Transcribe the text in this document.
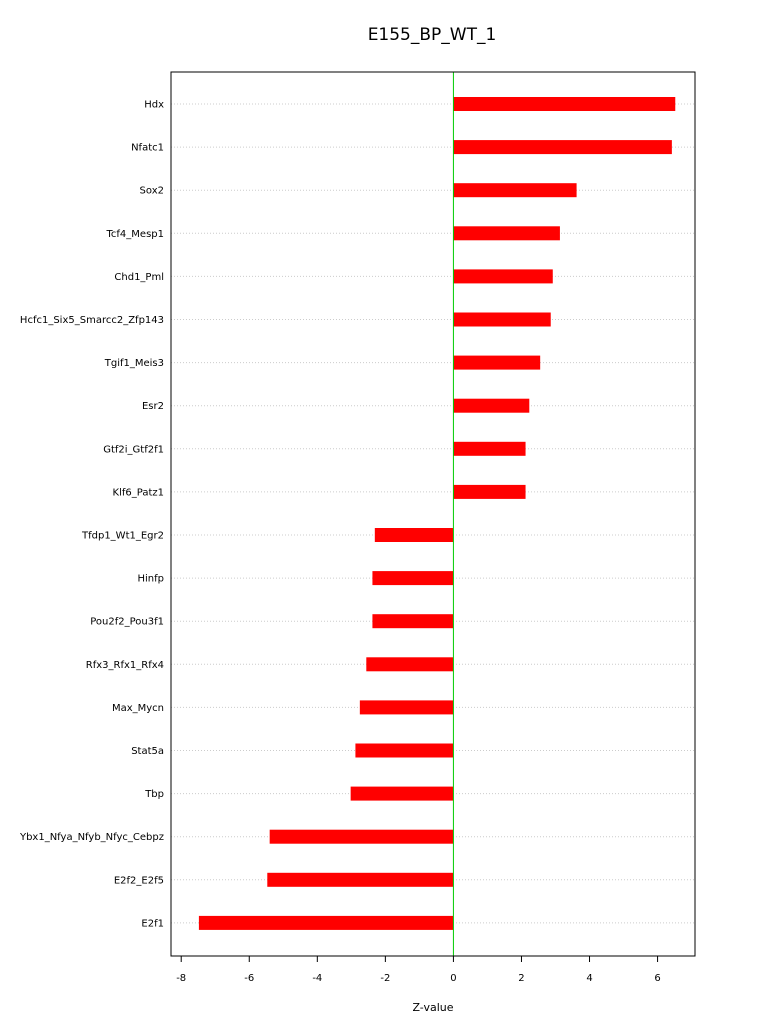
E155_BP_WT_1
Hdx
Nfatc1
Sox2
Tcf4_Mesp1
Chd1_Pml
Hcfc1_Six5_Smarcc2_Zfp143
Tgif1_Meis3
Esr2
Gtf2i_Gtf2f1
Klf6_Patz1
Tfdp1_Wt1_Egr2
Hinfp
Pou2f2_Pou3f1
Rfx3_Rfx1_Rfx4
Max_Mycn
Stat5a
Tbp
Ybx1_Nfya_Nfyb_Nfyc_Cebpz
E2f2_E2f5
E2f1
-8	-6	-4	-2	0	2	4	6
Z-value
